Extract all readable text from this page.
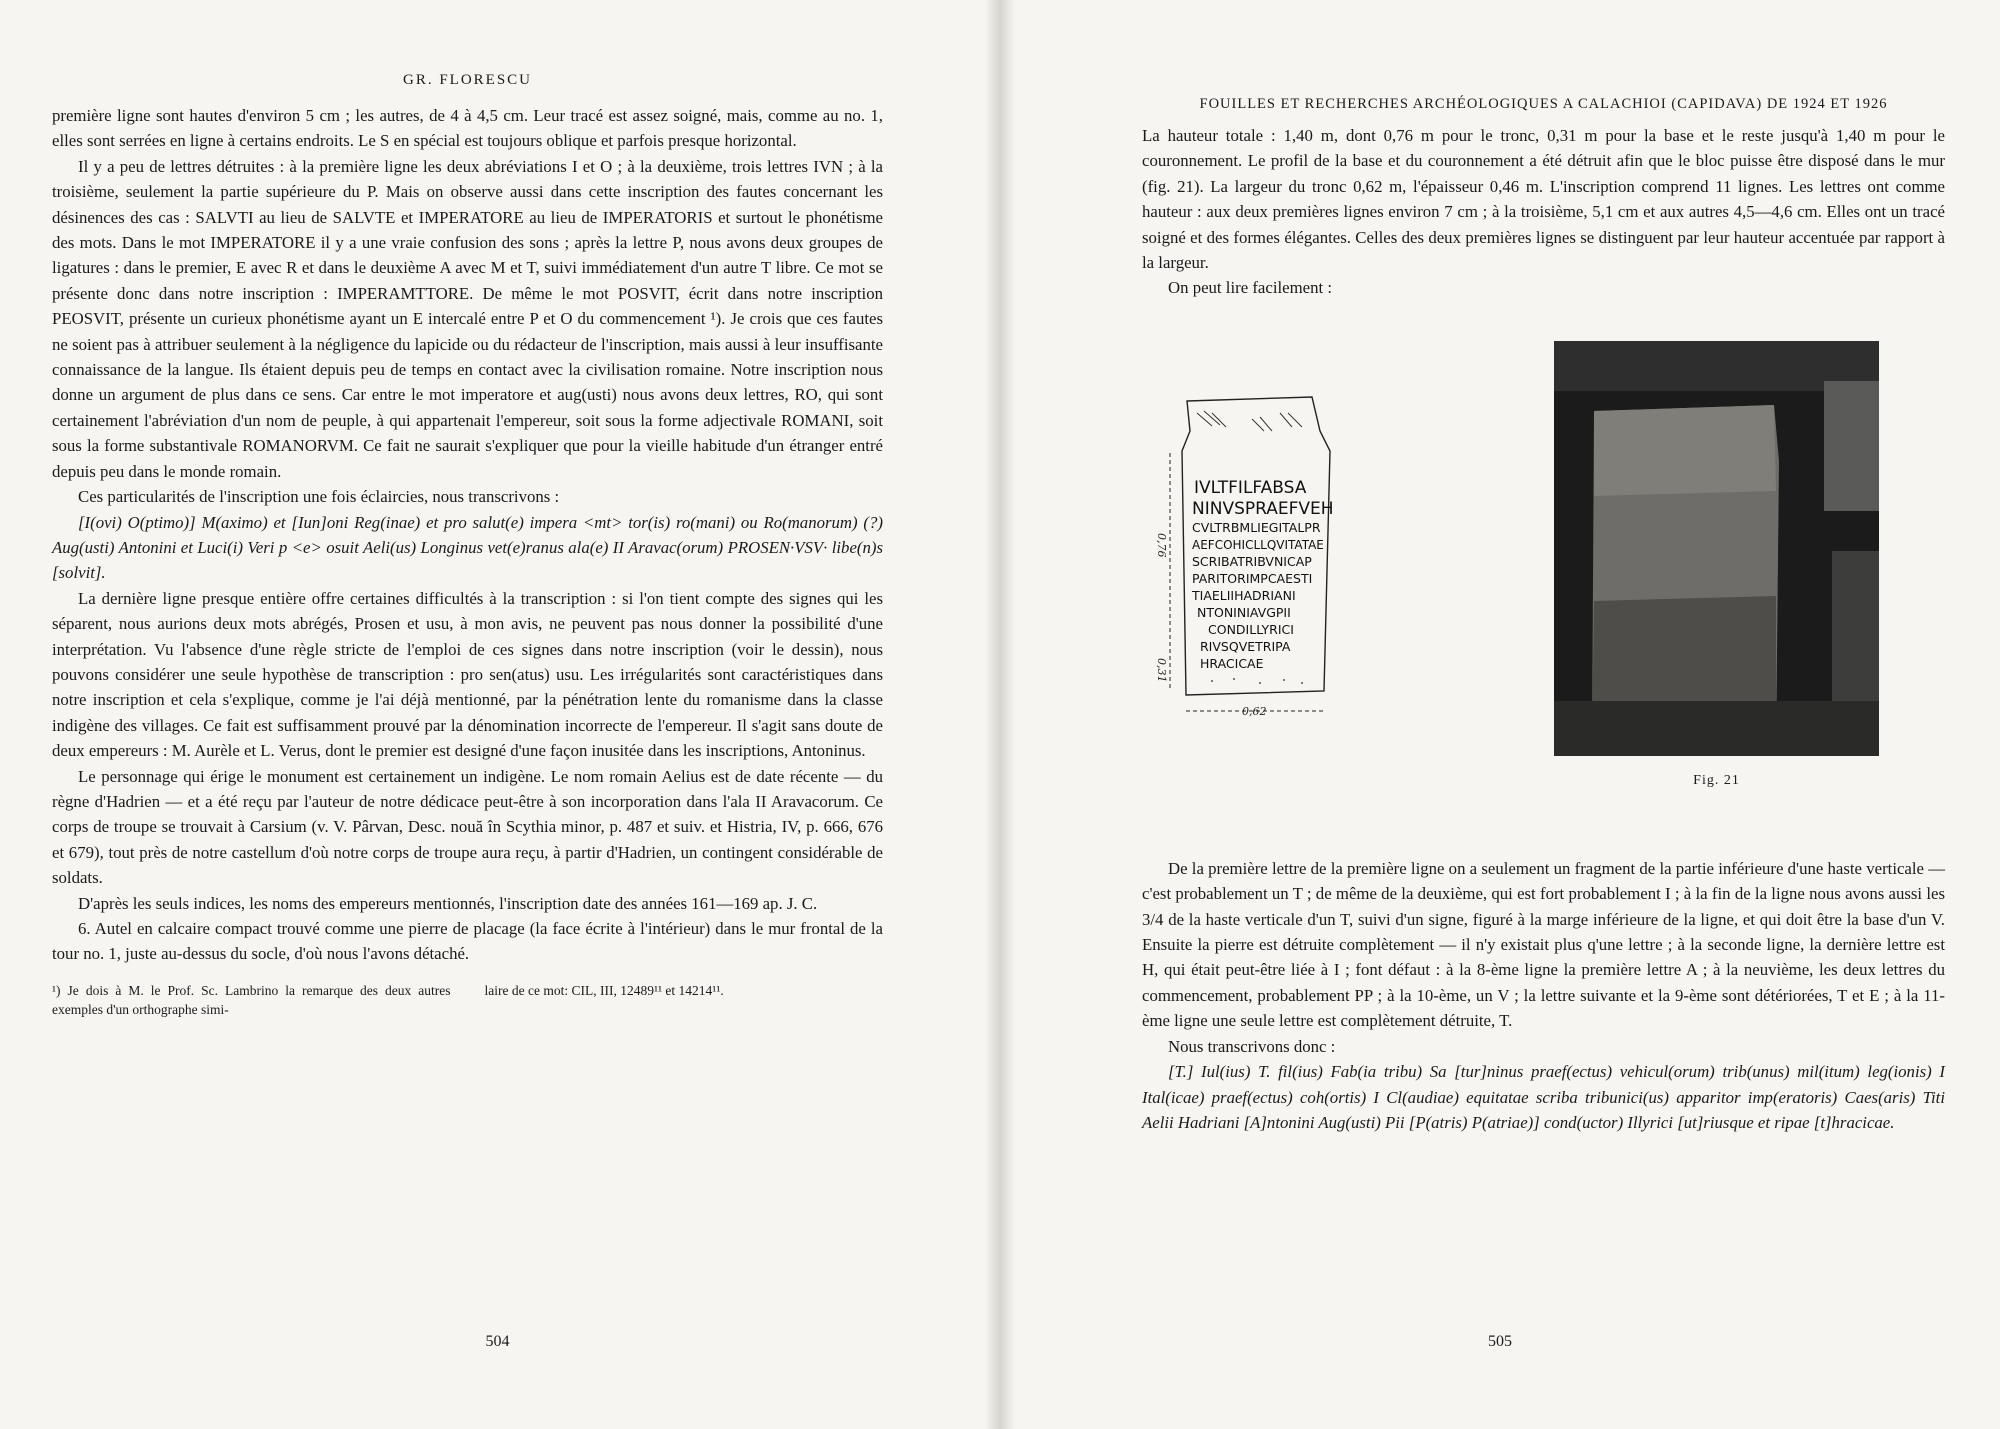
GR. FLORESCU

première ligne sont hautes d'environ 5 cm ; les autres, de 4 à 4,5 cm. Leur tracé est assez soigné, mais, comme au no. 1, elles sont serrées en ligne à certains endroits. Le S en spécial est toujours oblique et parfois presque horizontal.

Il y a peu de lettres détruites : à la première ligne les deux abréviations I et O ; à la deuxième, trois lettres IVN ; à la troisième, seulement la partie supérieure du P. Mais on observe aussi dans cette inscription des fautes concernant les désinences des cas : SALVTI au lieu de SALVTE et IMPERATORE au lieu de IMPERATORIS et surtout le phonétisme des mots. Dans le mot IMPERATORE il y a une vraie confusion des sons ; après la lettre P, nous avons deux groupes de ligatures : dans le premier, E avec R et dans le deuxième A avec M et T, suivi immédiatement d'un autre T libre. Ce mot se présente donc dans notre inscription : IMPERAMTTORE. De même le mot POSVIT, écrit dans notre inscription PEOSVIT, présente un curieux phonétisme ayant un E intercalé entre P et O du commencement ¹). Je crois que ces fautes ne soient pas à attribuer seulement à la négligence du lapicide ou du rédacteur de l'inscription, mais aussi à leur insuffisante connaissance de la langue. Ils étaient depuis peu de temps en contact avec la civilisation romaine. Notre inscription nous donne un argument de plus dans ce sens. Car entre le mot imperatore et aug(usti) nous avons deux lettres, RO, qui sont certainement l'abréviation d'un nom de peuple, à qui appartenait l'empereur, soit sous la forme adjectivale ROMANI, soit sous la forme substantivale ROMANORVM. Ce fait ne saurait s'expliquer que pour la vieille habitude d'un étranger entré depuis peu dans le monde romain.

Ces particularités de l'inscription une fois éclaircies, nous transcrivons :

[I(ovi) O(ptimo)] M(aximo) et [Iun]oni Reg(inae) et pro salut(e) impera <mt> tor(is) ro(mani) ou Ro(manorum) (?) Aug(usti) Antonini et Luci(i) Veri p <e> osuit Aeli(us) Longinus vet(e)ranus ala(e) II Aravac(orum) PROSEN·VSV· libe(n)s [solvit].

La dernière ligne presque entière offre certaines difficultés à la transcription : si l'on tient compte des signes qui les séparent, nous aurions deux mots abrégés, Prosen et usu, à mon avis, ne peuvent pas nous donner la possibilité d'une interprétation. Vu l'absence d'une règle stricte de l'emploi de ces signes dans notre inscription (voir le dessin), nous pouvons considérer une seule hypothèse de transcription : pro sen(atus) usu. Les irrégularités sont caractéristiques dans notre inscription et cela s'explique, comme je l'ai déjà mentionné, par la pénétration lente du romanisme dans la classe indigène des villages. Ce fait est suffisamment prouvé par la dénomination incorrecte de l'empereur. Il s'agit sans doute de deux empereurs : M. Aurèle et L. Verus, dont le premier est designé d'une façon inusitée dans les inscriptions, Antoninus.

Le personnage qui érige le monument est certainement un indigène. Le nom romain Aelius est de date récente — du règne d'Hadrien — et a été reçu par l'auteur de notre dédicace peut-être à son incorporation dans l'ala II Aravacorum. Ce corps de troupe se trouvait à Carsium (v. V. Pârvan, Desc. nouă în Scythia minor, p. 487 et suiv. et Histria, IV, p. 666, 676 et 679), tout près de notre castellum d'où notre corps de troupe aura reçu, à partir d'Hadrien, un contingent considérable de soldats.

D'après les seuls indices, les noms des empereurs mentionnés, l'inscription date des années 161—169 ap. J. C.

6. Autel en calcaire compact trouvé comme une pierre de placage (la face écrite à l'intérieur) dans le mur frontal de la tour no. 1, juste au-dessus du socle, d'où nous l'avons détaché.

¹) Je dois à M. le Prof. Sc. Lambrino la remarque des deux autres exemples d'un orthographe simi-
laire de ce mot: CIL, III, 12489¹¹ et 14214¹¹.
504
FOUILLES ET RECHERCHES ARCHÉOLOGIQUES A CALACHIOI (CAPIDAVA) DE 1924 ET 1926

La hauteur totale : 1,40 m, dont 0,76 m pour le tronc, 0,31 m pour la base et le reste jusqu'à 1,40 m pour le couronnement. Le profil de la base et du couronnement a été détruit afin que le bloc puisse être disposé dans le mur (fig. 21). La largeur du tronc 0,62 m, l'épaisseur 0,46 m. L'inscription comprend 11 lignes. Les lettres ont comme hauteur : aux deux premières lignes environ 7 cm ; à la troisième, 5,1 cm et aux autres 4,5—4,6 cm. Elles ont un tracé soigné et des formes élégantes. Celles des deux premières lignes se distinguent par leur hauteur accentuée par rapport à la largeur.

On peut lire facilement :

IVLTFILFABSA
NINVSPRAEFVEH
CVLTRBMLIEGITALPR
AEFCOHICLLQVITATAE
SCRIBATRIBVNICAP
PARITORIMPCAESTI
TIAELIIHADRIANI
NTONINIAVGPII
CONDILLYRICI
RIVSQVETRIPA
HRACICAE
0,76
0,31
0,62
Fig. 21

De la première lettre de la première ligne on a seulement un fragment de la partie inférieure d'une haste verticale — c'est probablement un T ; de même de la deuxième, qui est fort probablement I ; à la fin de la ligne nous avons aussi les 3/4 de la haste verticale d'un T, suivi d'un signe, figuré à la marge inférieure de la ligne, et qui doit être la base d'un V. Ensuite la pierre est détruite complètement — il n'y existait plus q'une lettre ; à la seconde ligne, la dernière lettre est H, qui était peut-être liée à I ; font défaut : à la 8-ème ligne la première lettre A ; à la neuvième, les deux lettres du commencement, probablement PP ; à la 10-ème, un V ; la lettre suivante et la 9-ème sont détériorées, T et E ; à la 11-ème ligne une seule lettre est complètement détruite, T.

Nous transcrivons donc :

[T.] Iul(ius) T. fil(ius) Fab(ia tribu) Sa [tur]ninus praef(ectus) vehicul(orum) trib(unus) mil(itum) leg(ionis) I Ital(icae) praef(ectus) coh(ortis) I Cl(audiae) equitatae scriba tribunici(us) apparitor imp(eratoris) Caes(aris) Titi Aelii Hadriani [A]ntonini Aug(usti) Pii [P(atris) P(atriae)] cond(uctor) Illyrici [ut]riusque et ripae [t]hracicae.

505
